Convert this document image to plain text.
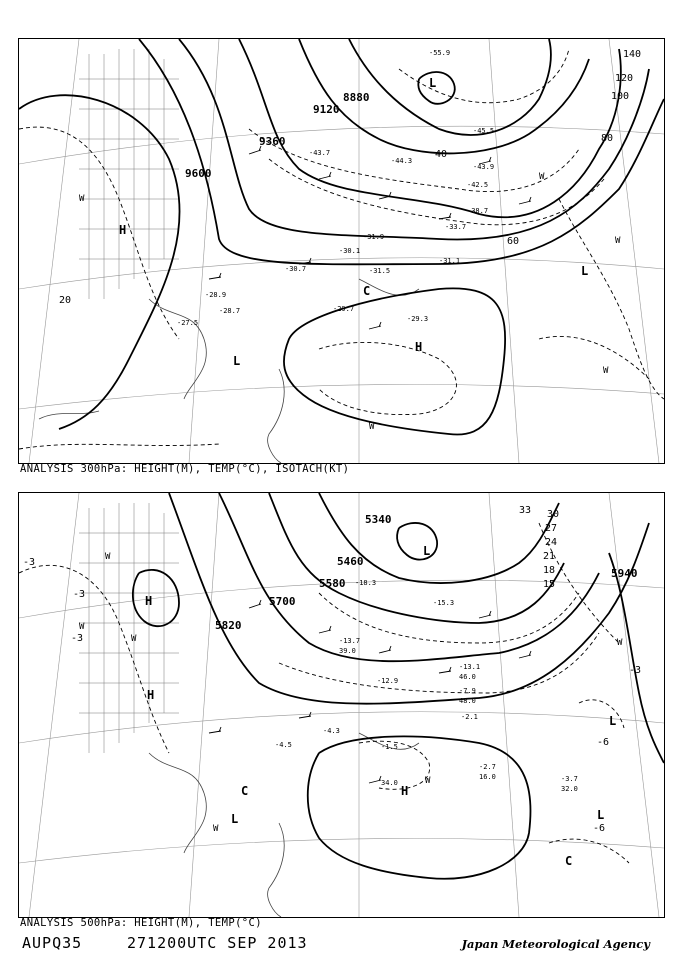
8880
9120
9360
9600
20
40
60
80
100
120
140
H
H
L
L
L
C
W
W
W
W
W
-55.9
-45.5
-44.3
-43.9
-43.7
-42.5
-38.7
-33.7
-31.9
-31.5
-31.1
-30.7
-30.1
-29.3
-28.9
-27.5
-29.7
-28.7
ANALYSIS 300hPa: HEIGHT(M), TEMP(°C), ISOTACH(KT)
5340
5460
5580
5700
5820
5940
-3
-3
-3
-3
-6
-6
15
18
21
24
27
30
33
H
H
H
L
L
L
L
C
C
W
W
W
W
W
W
-18.3
-15.3
-13.7
-13.1
-12.9
-7.9
-2.7
-2.1
-1.5
-3.7
-4.5
-4.3
16.0
32.0
34.0
39.0
46.0
48.0
ANALYSIS 500hPa: HEIGHT(M), TEMP(°C)
AUPQ35	271200UTC SEP 2013	Japan Meteorological Agency
